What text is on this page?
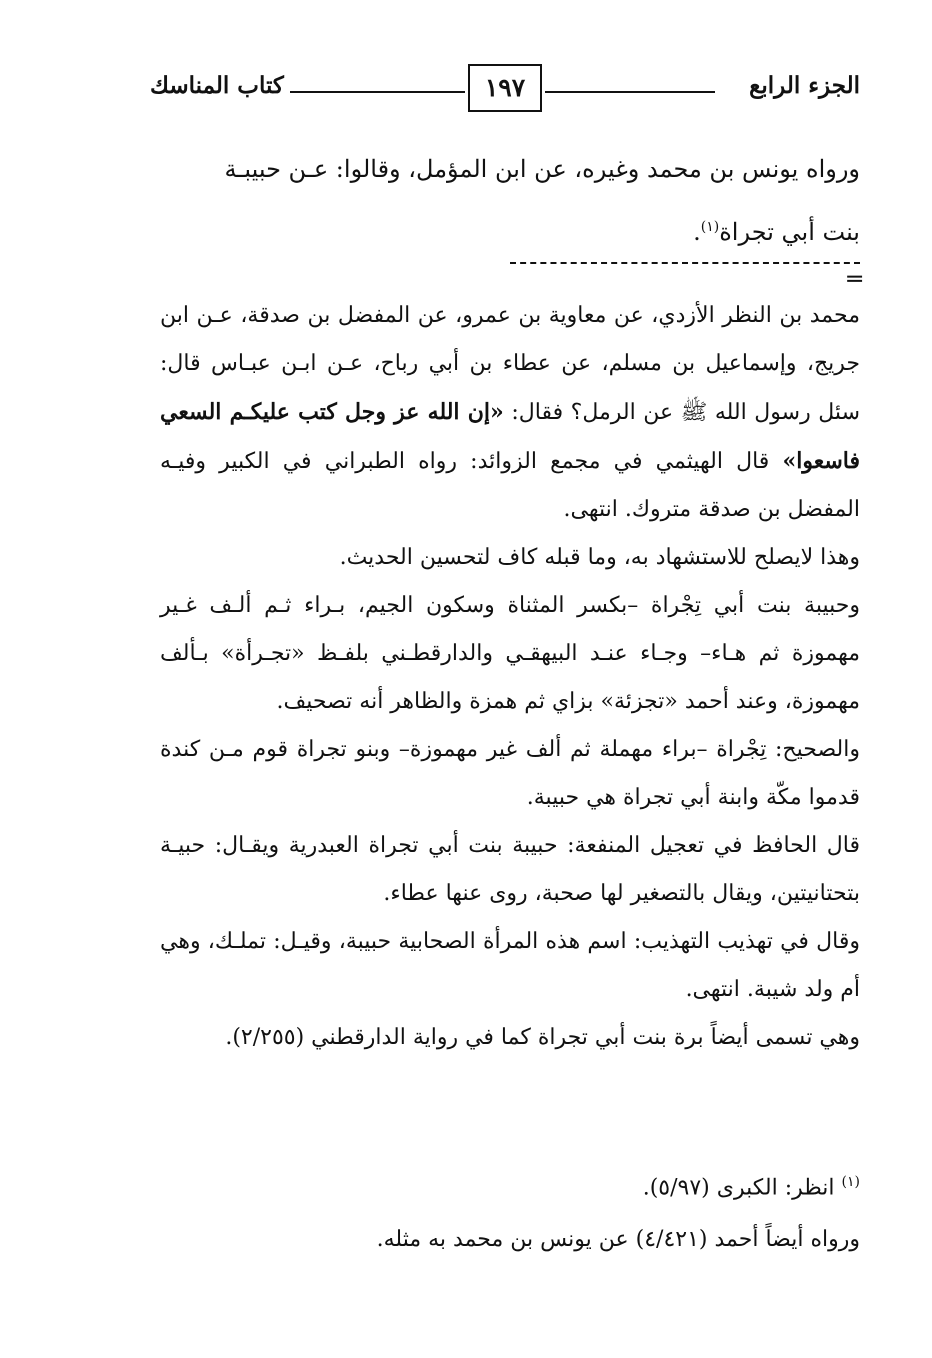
الجزء الرابع
١٩٧
كتاب المناسك

ورواه يونس بن محمد وغيره، عن ابن المؤمل، وقالوا: عـن حبيبـة

بنت أبي تجراة$^{(١)}$.

═

محمد بن النظر الأزدي، عن معاوية بن عمرو، عن المفضل بن صدقة، عـن ابن جريج، وإسماعيل بن مسلم، عن عطاء بن أبي رباح، عـن ابـن عبـاس قال: سئل رسول الله ﷺ عن الرمل؟ فقال: «إن الله عز وجل كتب عليكـم السعي فاسعوا» قال الهيثمي في مجمع الزوائد: رواه الطبراني في الكبير وفيـه المفضل بن صدقة متروك. انتهى.

وهذا لايصلح للاستشهاد به، وما قبله كاف لتحسين الحديث.

وحبيبة بنت أبي تِجْراة –بكسر المثناة وسكون الجيم، بـراء ثـم ألـف غـير مهموزة ثم هـاء– وجـاء عنـد البيهقـي والدارقطـني بلفـظ «تجـرأة» بـألف مهموزة، وعند أحمد «تجزئة» بزاي ثم همزة والظاهر أنه تصحيف.

والصحيح: تِجْراة –براء مهملة ثم ألف غير مهموزة– وبنو تجراة قوم مـن كندة قدموا مكّة وابنة أبي تجراة هي حبيبة.

قال الحافظ في تعجيل المنفعة: حبيبة بنت أبي تجراة العبدرية ويقـال: حبيـة بتحتانيتين، ويقال بالتصغير لها صحبة، روى عنها عطاء.

وقال في تهذيب التهذيب: اسم هذه المرأة الصحابية حبيبة، وقيـل: تملـك، وهي أم ولد شيبة. انتهى.

وهي تسمى أيضاً برة بنت أبي تجراة كما في رواية الدارقطني (٢/٢٥٥).

$^{(١)}$ انظر: الكبرى (٥/٩٧).

ورواه أيضاً أحمد (٤/٤٢١) عن يونس بن محمد به مثله.
